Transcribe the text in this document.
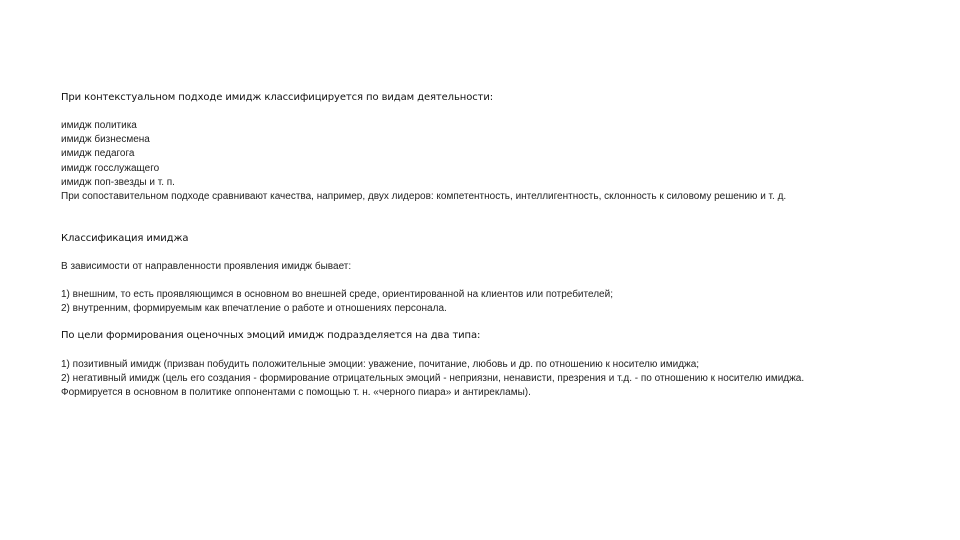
При контекстуальном подходе имидж классифицируется по видам деятельности:
имидж политика
имидж бизнесмена
имидж педагога
имидж госслужащего
имидж поп-звезды и т. п.
При сопоставительном подходе сравнивают качества, например, двух лидеров: компетентность, интеллигентность, склонность к силовому решению и т. д.
Классификация имиджа
В зависимости от направленности проявления имидж бывает:
1) внешним, то есть проявляющимся в основном во внешней среде, ориентированной на клиентов или потребителей;
2) внутренним, формируемым как впечатление о работе и отношениях персонала.
По цели формирования оценочных эмоций имидж подразделяется на два типа:
1) позитивный имидж (призван побудить положительные эмоции: уважение, почитание, любовь и др. по отношению к носителю имиджа;
2) негативный имидж (цель его создания - формирование отрицательных эмоций - неприязни, ненависти, презрения и т.д. - по отношению к носителю имиджа. Формируется в основном в политике оппонентами с помощью т. н. «черного пиара» и антирекламы).
